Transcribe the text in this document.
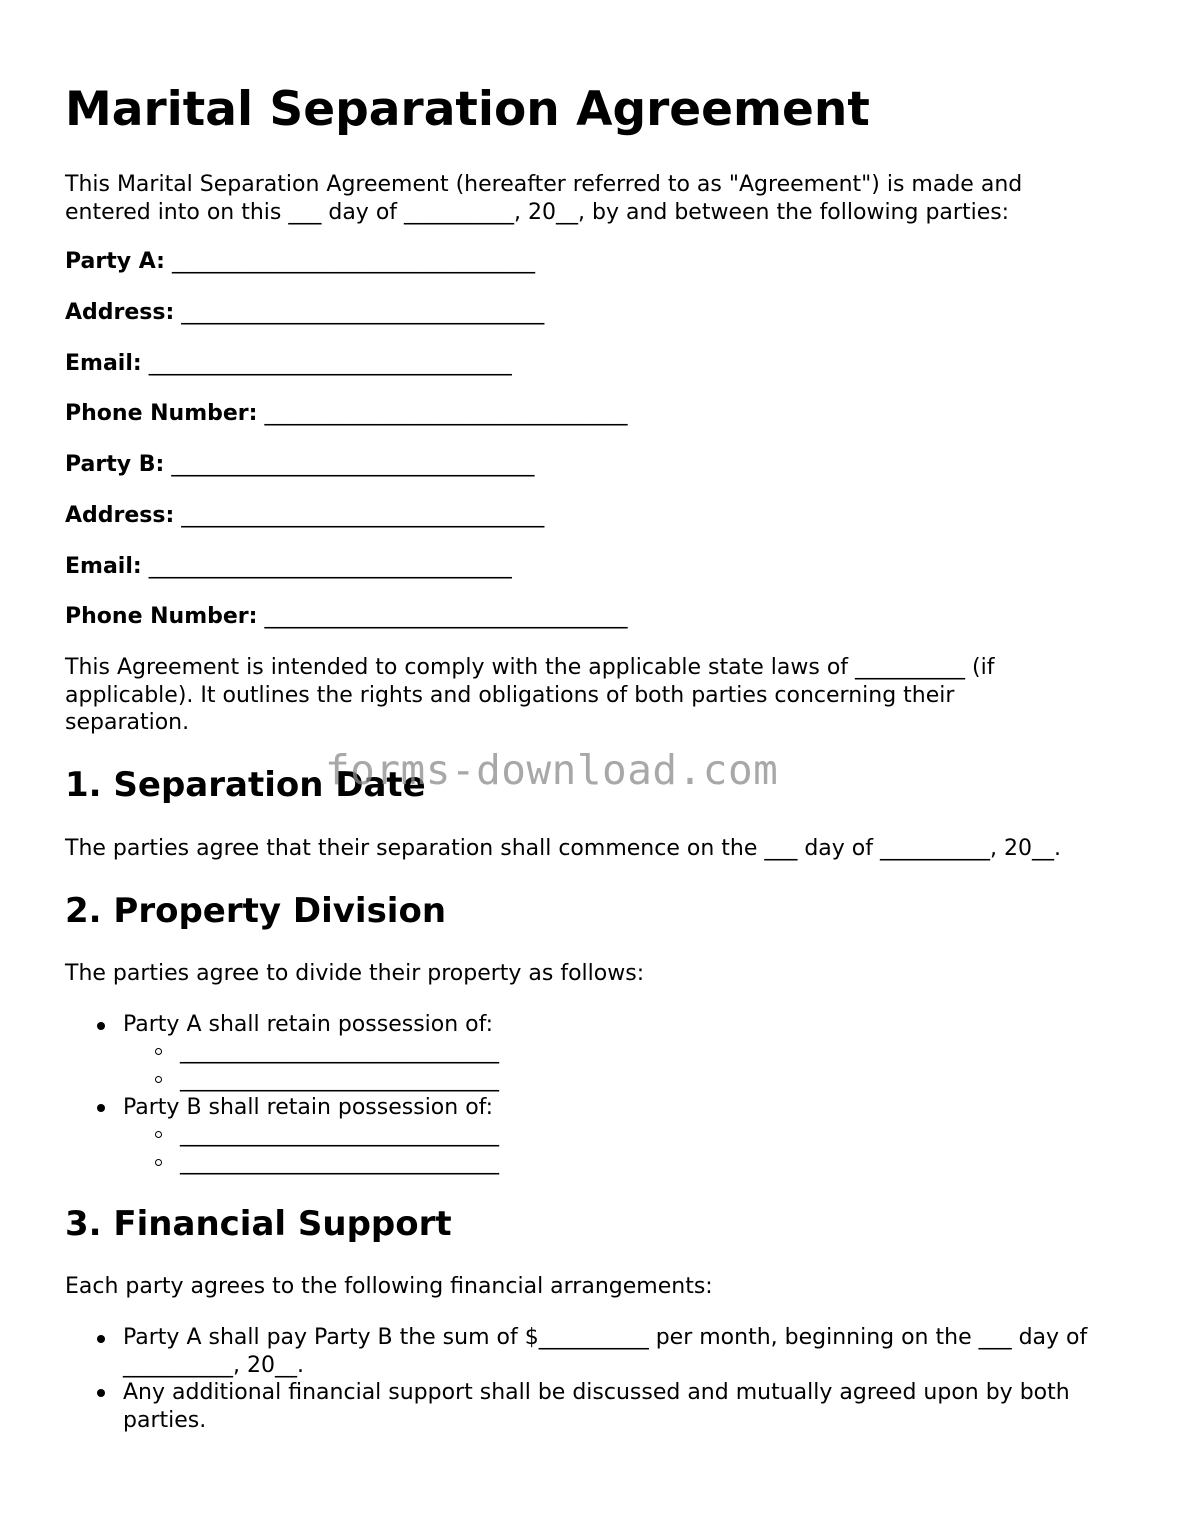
Marital Separation Agreement

This Marital Separation Agreement (hereafter referred to as "Agreement") is made and entered into on this ___ day of __________, 20__, by and between the following parties:

Party A: _________________________________

Address: _________________________________

Email: _________________________________

Phone Number: _________________________________

Party B: _________________________________

Address: _________________________________

Email: _________________________________

Phone Number: _________________________________

This Agreement is intended to comply with the applicable state laws of __________ (if applicable). It outlines the rights and obligations of both parties concerning their separation.

1. Separation Date

The parties agree that their separation shall commence on the ___ day of __________, 20__.

2. Property Division

The parties agree to divide their property as follows:

Party A shall retain possession of:

_____________________________

_____________________________

Party B shall retain possession of:

_____________________________

_____________________________

3. Financial Support

Each party agrees to the following financial arrangements:

Party A shall pay Party B the sum of $__________ per month, beginning on the ___ day of __________, 20__.

Any additional financial support shall be discussed and mutually agreed upon by both parties.

forms-download.com
